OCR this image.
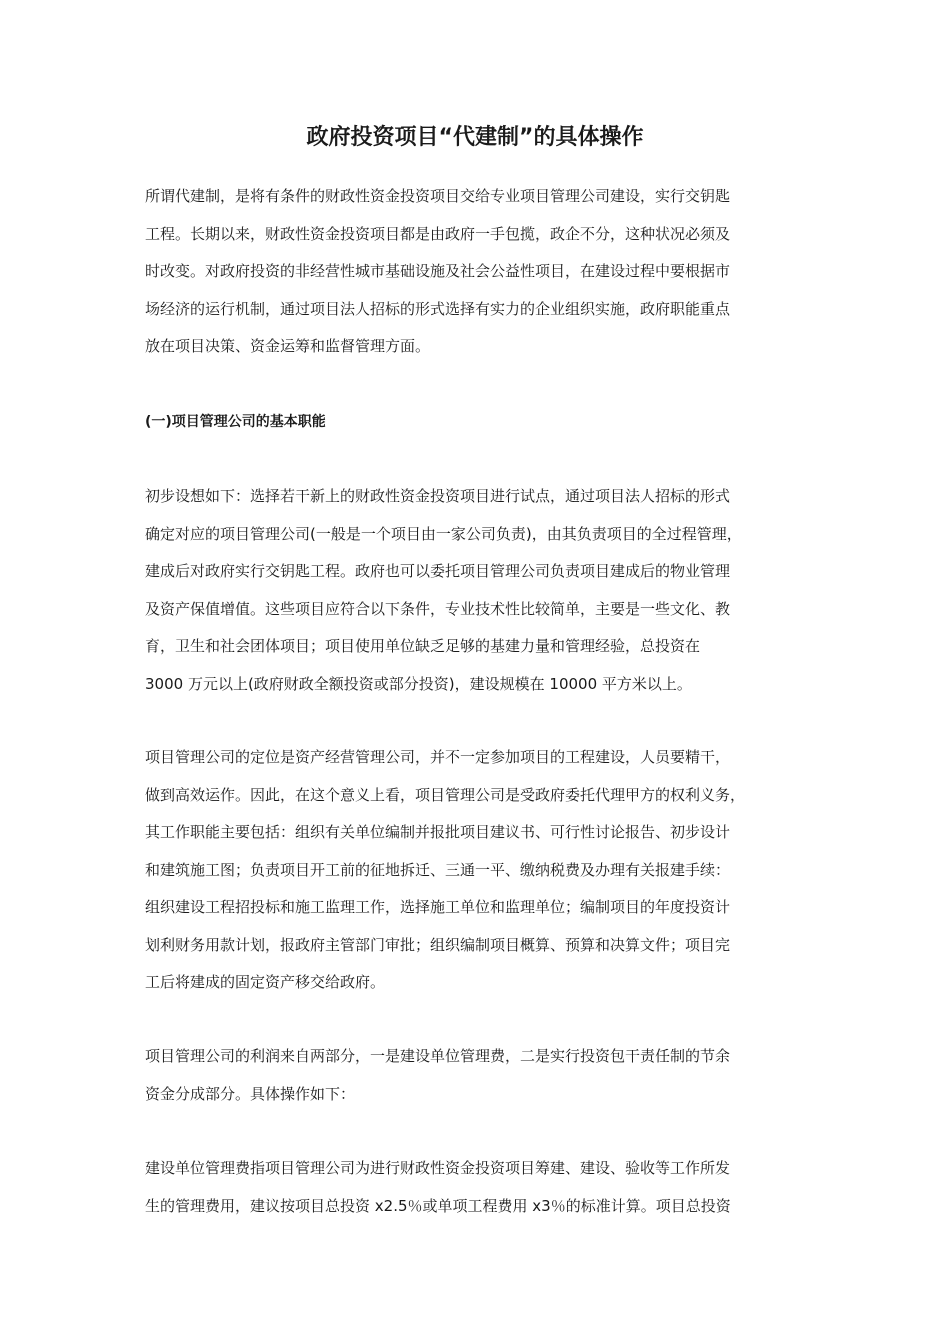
政府投资项目“代建制”的具体操作
所谓代建制，是将有条件的财政性资金投资项目交给专业项目管理公司建设，实行交钥匙
工程。长期以来，财政性资金投资项目都是由政府一手包揽，政企不分，这种状况必须及
时改变。对政府投资的非经营性城市基础设施及社会公益性项目，在建设过程中要根据市
场经济的运行机制，通过项目法人招标的形式选择有实力的企业组织实施，政府职能重点
放在项目决策、资金运筹和监督管理方面。
(一)项目管理公司的基本职能
初步设想如下：选择若干新上的财政性资金投资项目进行试点，通过项目法人招标的形式
确定对应的项目管理公司(一般是一个项目由一家公司负责)，由其负责项目的全过程管理，
建成后对政府实行交钥匙工程。政府也可以委托项目管理公司负责项目建成后的物业管理
及资产保值增值。这些项目应符合以下条件，专业技术性比较简单，主要是一些文化、教
育，卫生和社会团体项目；项目使用单位缺乏足够的基建力量和管理经验，总投资在
3000 万元以上(政府财政全额投资或部分投资)，建设规模在 10000 平方米以上。
项目管理公司的定位是资产经营管理公司，并不一定参加项目的工程建设，人员要精干，
做到高效运作。因此，在这个意义上看，项目管理公司是受政府委托代理甲方的权利义务，
其工作职能主要包括：组织有关单位编制并报批项目建议书、可行性讨论报告、初步设计
和建筑施工图；负责项目开工前的征地拆迁、三通一平、缴纳税费及办理有关报建手续：
组织建设工程招投标和施工监理工作，选择施工单位和监理单位；编制项目的年度投资计
划利财务用款计划，报政府主管部门审批；组织编制项目概算、预算和决算文件；项目完
工后将建成的固定资产移交给政府。
项目管理公司的利润来自两部分，一是建设单位管理费，二是实行投资包干责任制的节余
资金分成部分。具体操作如下：
建设单位管理费指项目管理公司为进行财政性资金投资项目筹建、建设、验收等工作所发
生的管理费用，建议按项目总投资 x2.5％或单项工程费用 x3％的标准计算。项目总投资
